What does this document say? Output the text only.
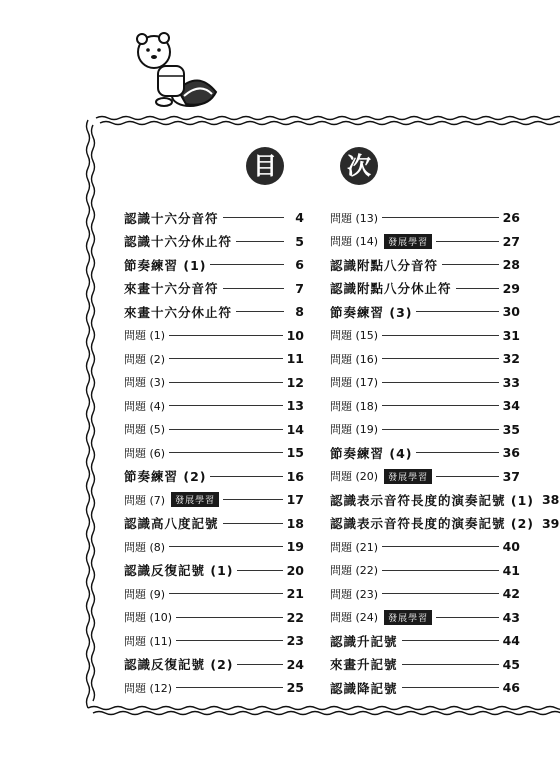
目	次
認識十六分音符	4
認識十六分休止符	5
節奏練習 (1)	6
來畫十六分音符	7
來畫十六分休止符	8
問題 (1)	10
問題 (2)	11
問題 (3)	12
問題 (4)	13
問題 (5)	14
問題 (6)	15
節奏練習 (2)	16
問題 (7)	發展學習	17
認識高八度記號	18
問題 (8)	19
認識反復記號 (1)	20
問題 (9)	21
問題 (10)	22
問題 (11)	23
認識反復記號 (2)	24
問題 (12)	25
問題 (13)	26
問題 (14)	發展學習	27
認識附點八分音符	28
認識附點八分休止符	29
節奏練習 (3)	30
問題 (15)	31
問題 (16)	32
問題 (17)	33
問題 (18)	34
問題 (19)	35
節奏練習 (4)	36
問題 (20)	發展學習	37
認識表示音符長度的演奏記號 (1) 38
認識表示音符長度的演奏記號 (2) 39
問題 (21)	40
問題 (22)	41
問題 (23)	42
問題 (24)	發展學習	43
認識升記號	44
來畫升記號	45
認識降記號	46
